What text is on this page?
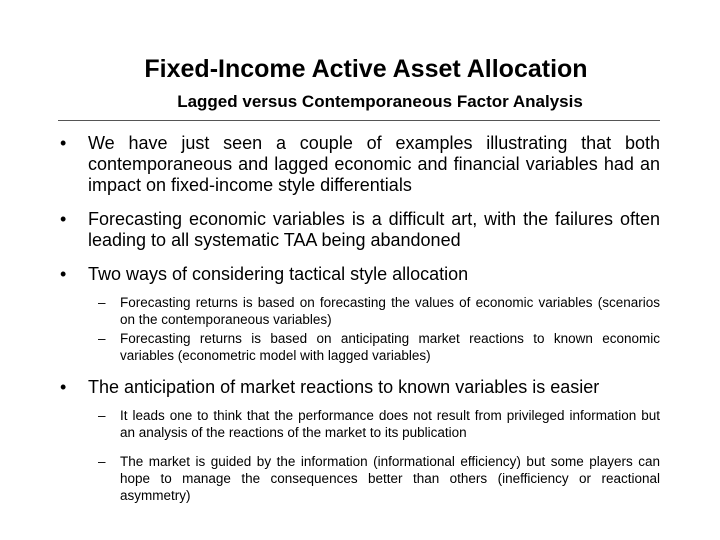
Fixed-Income Active Asset Allocation
Lagged versus Contemporaneous Factor Analysis
• We have just seen a couple of examples illustrating that both contemporaneous and lagged economic and financial variables had an impact on fixed-income style differentials
• Forecasting economic variables is a difficult art, with the failures often leading to all systematic TAA being abandoned
• Two ways of considering tactical style allocation
– Forecasting returns is based on forecasting the values of economic variables (scenarios on the contemporaneous variables)
– Forecasting returns is based on anticipating market reactions to known economic variables (econometric model with lagged variables)
• The anticipation of market reactions to known variables is easier
– It leads one to think that the performance does not result from privileged information but an analysis of the reactions of the market to its publication
– The market is guided by the information (informational efficiency) but some players can hope to manage the consequences better than others (inefficiency or reactional asymmetry)
